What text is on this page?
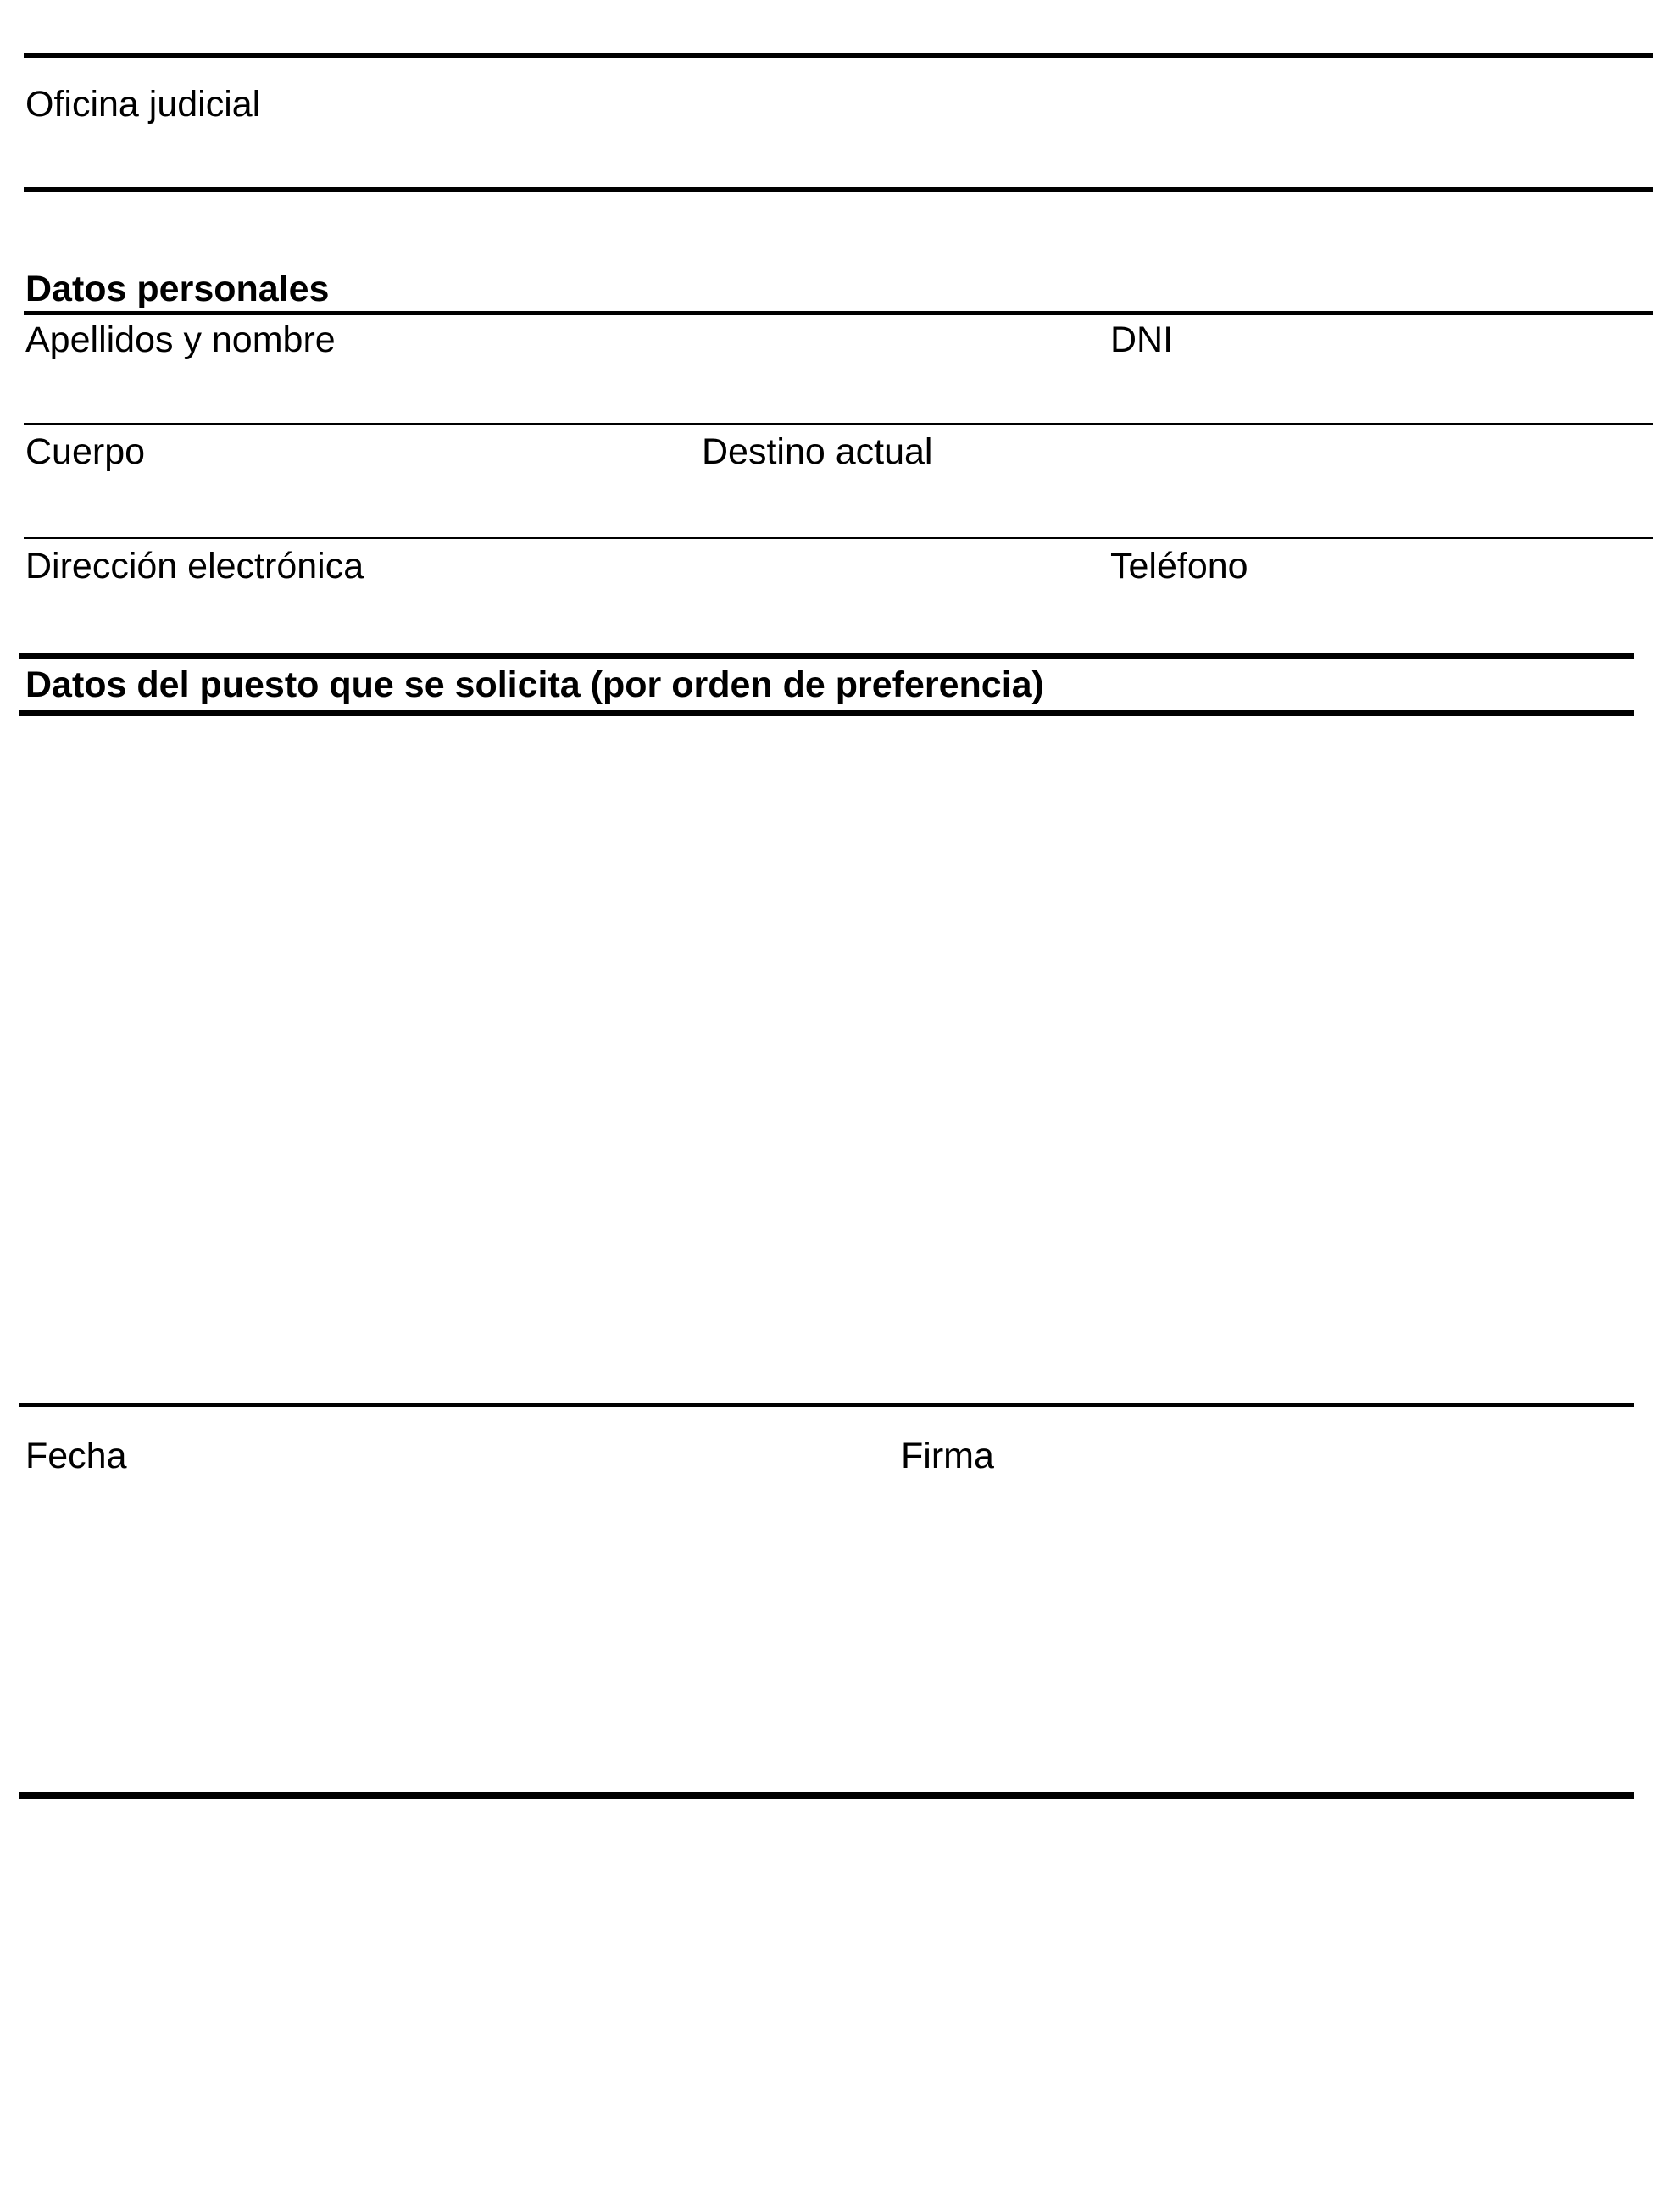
Oficina judicial
Datos personales
Apellidos y nombre	DNI
Cuerpo	Destino actual
Dirección electrónica	Teléfono
Datos del puesto que se solicita (por orden de preferencia)
Fecha	Firma
